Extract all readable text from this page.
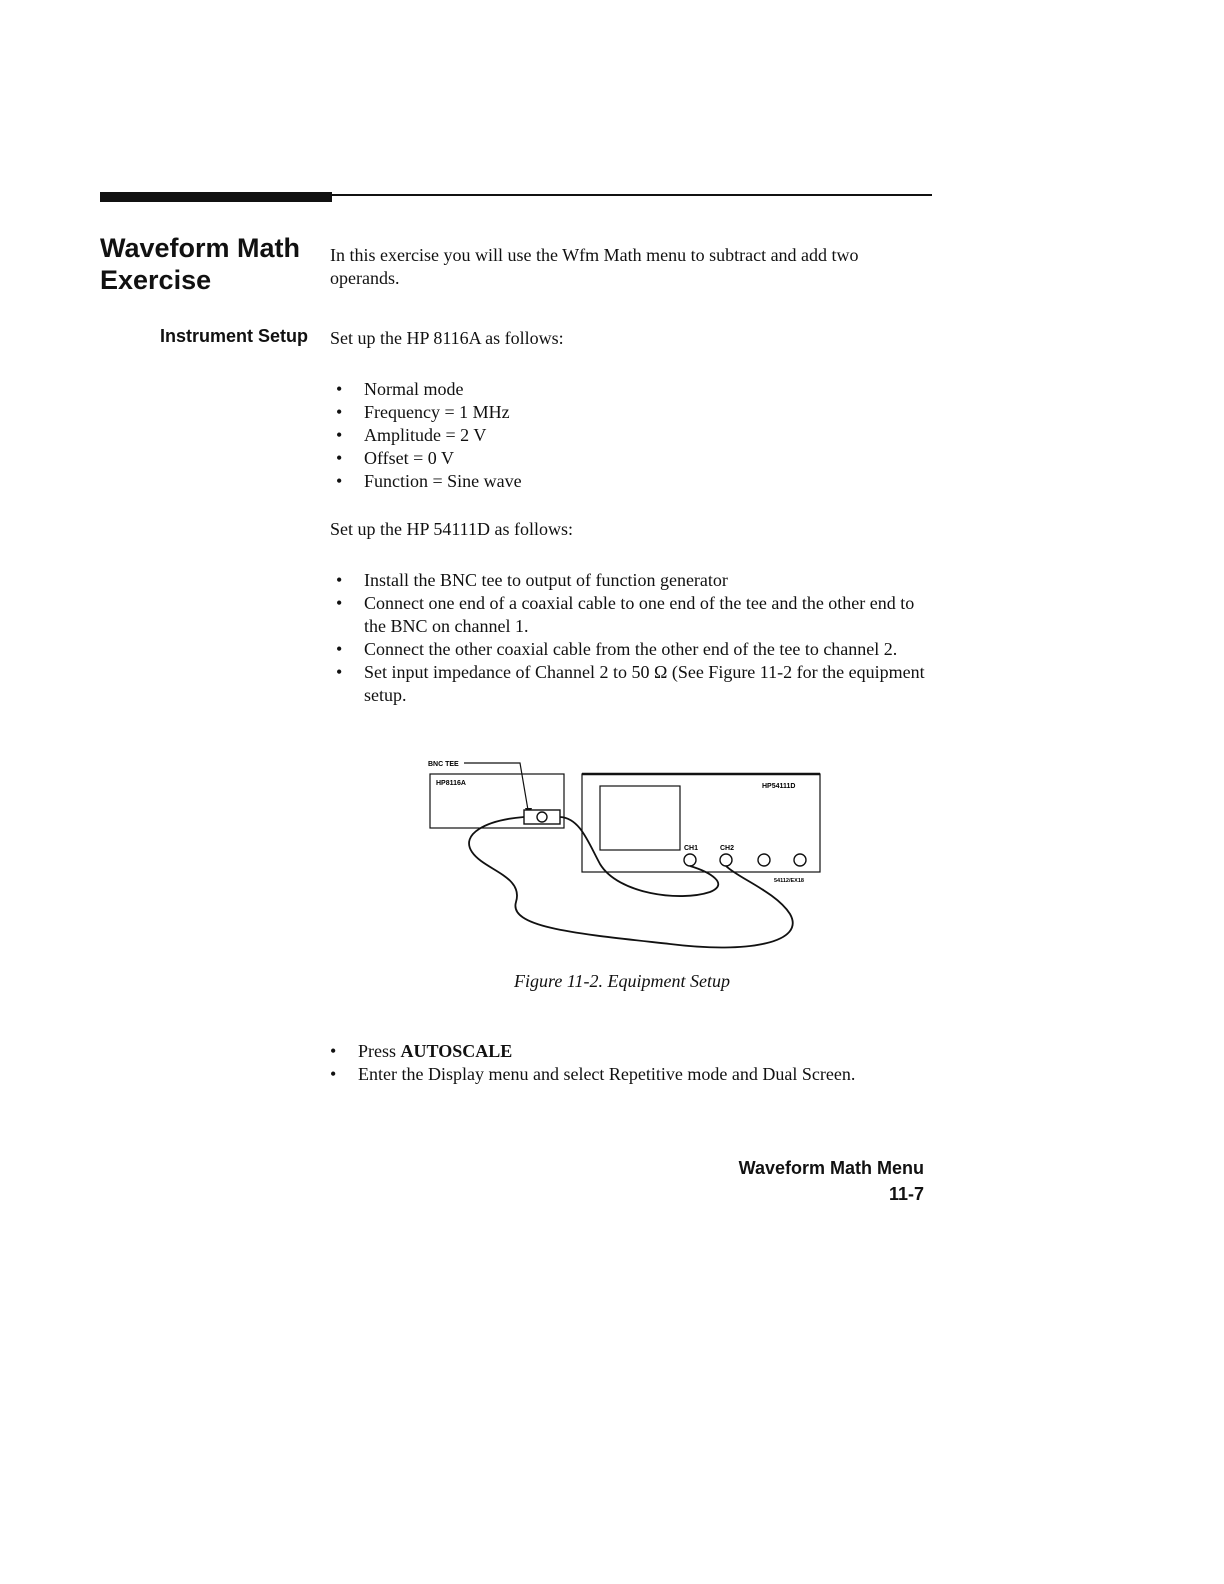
Waveform Math Exercise

In this exercise you will use the Wfm Math menu to subtract and add two operands.

Instrument Setup Set up the HP 8116A as follows:

• Normal mode
• Frequency = 1 MHz
• Amplitude = 2 V
• Offset = 0 V
• Function = Sine wave

Set up the HP 54111D as follows:

• Install the BNC tee to output of function generator
• Connect one end of a coaxial cable to one end of the tee and the other end to the BNC on channel 1.
• Connect the other coaxial cable from the other end of the tee to channel 2.
• Set input impedance of Channel 2 to 50 Ω (See Figure 11-2 for the equipment setup.
BNC TEE
HP8116A	HP54111D
CH1	CH2
54112/EX18

Figure 11-2. Equipment Setup

• Press AUTOSCALE
• Enter the Display menu and select Repetitive mode and Dual Screen.

Waveform Math Menu

11-7
